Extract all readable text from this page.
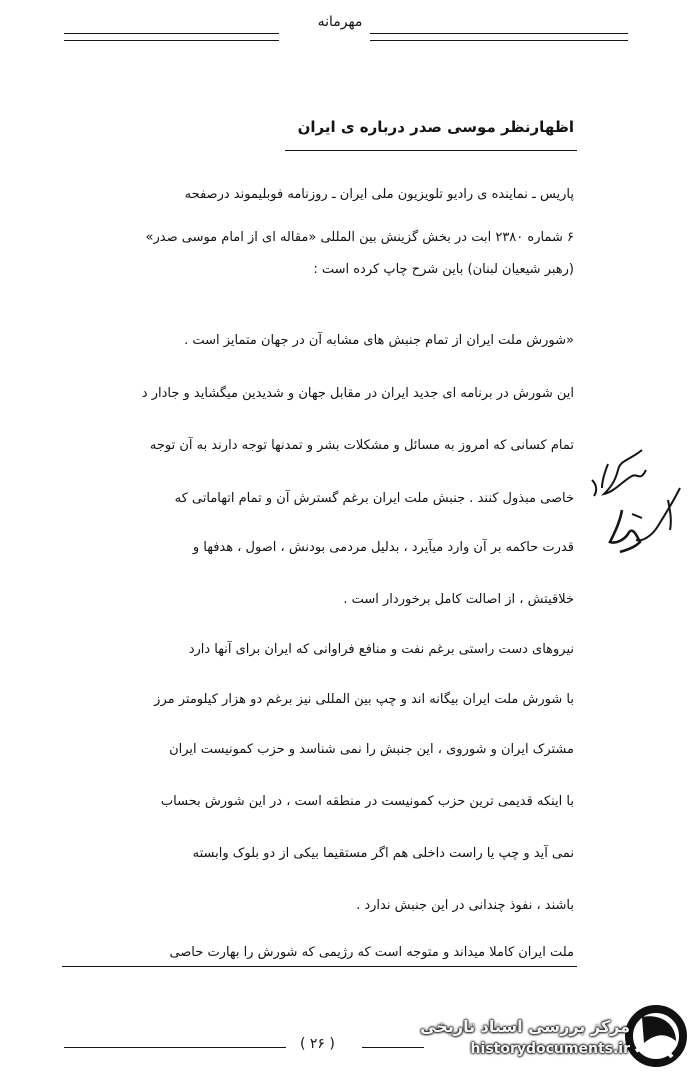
مهرمانه
اظهارنظر موسی صدر درباره ی ایران
پاریس ـ نماینده ی رادیو تلویزیون ملی ایران ـ روزنامه فوبلیموند درصفحه
۶ شماره ۲۳۸۰ ابت در بخش گزینش بین المللی «مقاله ای از امام موسی صدر»
(رهبر شیعیان لبنان) باین شرح چاپ کرده است :
«شورش ملت ایران از تمام جنبش های مشابه آن در جهان متمایز است .
این شورش در برنامه ای جدید ایران در مقابل جهان و شدیدین میگشاید و جادار د
تمام کسانی که امروز به مسائل و مشکلات بشر و تمدنها توجه دارند به آن توجه
خاصی مبذول کنند . جنبش ملت ایران برغم گسترش آن و تمام اتهاماتی که
قدرت حاکمه بر آن وارد میآیرد ، بدلیل مردمی بودنش ، اصول ، هدفها و
خلاقیتش ، از اصالت کامل برخوردار است .
نیروهای دست راستی برغم نفت و منافع فراوانی که ایران برای آنها دارد
با شورش ملت ایران بیگانه اند و چپ بین المللی نیز برغم دو هزار کیلومتر مرز
مشترک ایران و شوروی ، این جنبش را نمی شناسد و حزب کمونیست ایران
با اینکه قدیمی ترین حزب کمونیست در منطقه است ، در این شورش بحساب
نمی آید و چپ یا راست داخلی هم اگر مستقیما بیکی از دو بلوک وابسته
باشند ، نفوذ چندانی در این جنبش ندارد .
ملت ایران کاملا میداند و متوجه است که رژیمی که شورش را بهارت حاصی
( ۲۶ )
مرکز بررسی اسناد تاریخی
historydocuments.ir
